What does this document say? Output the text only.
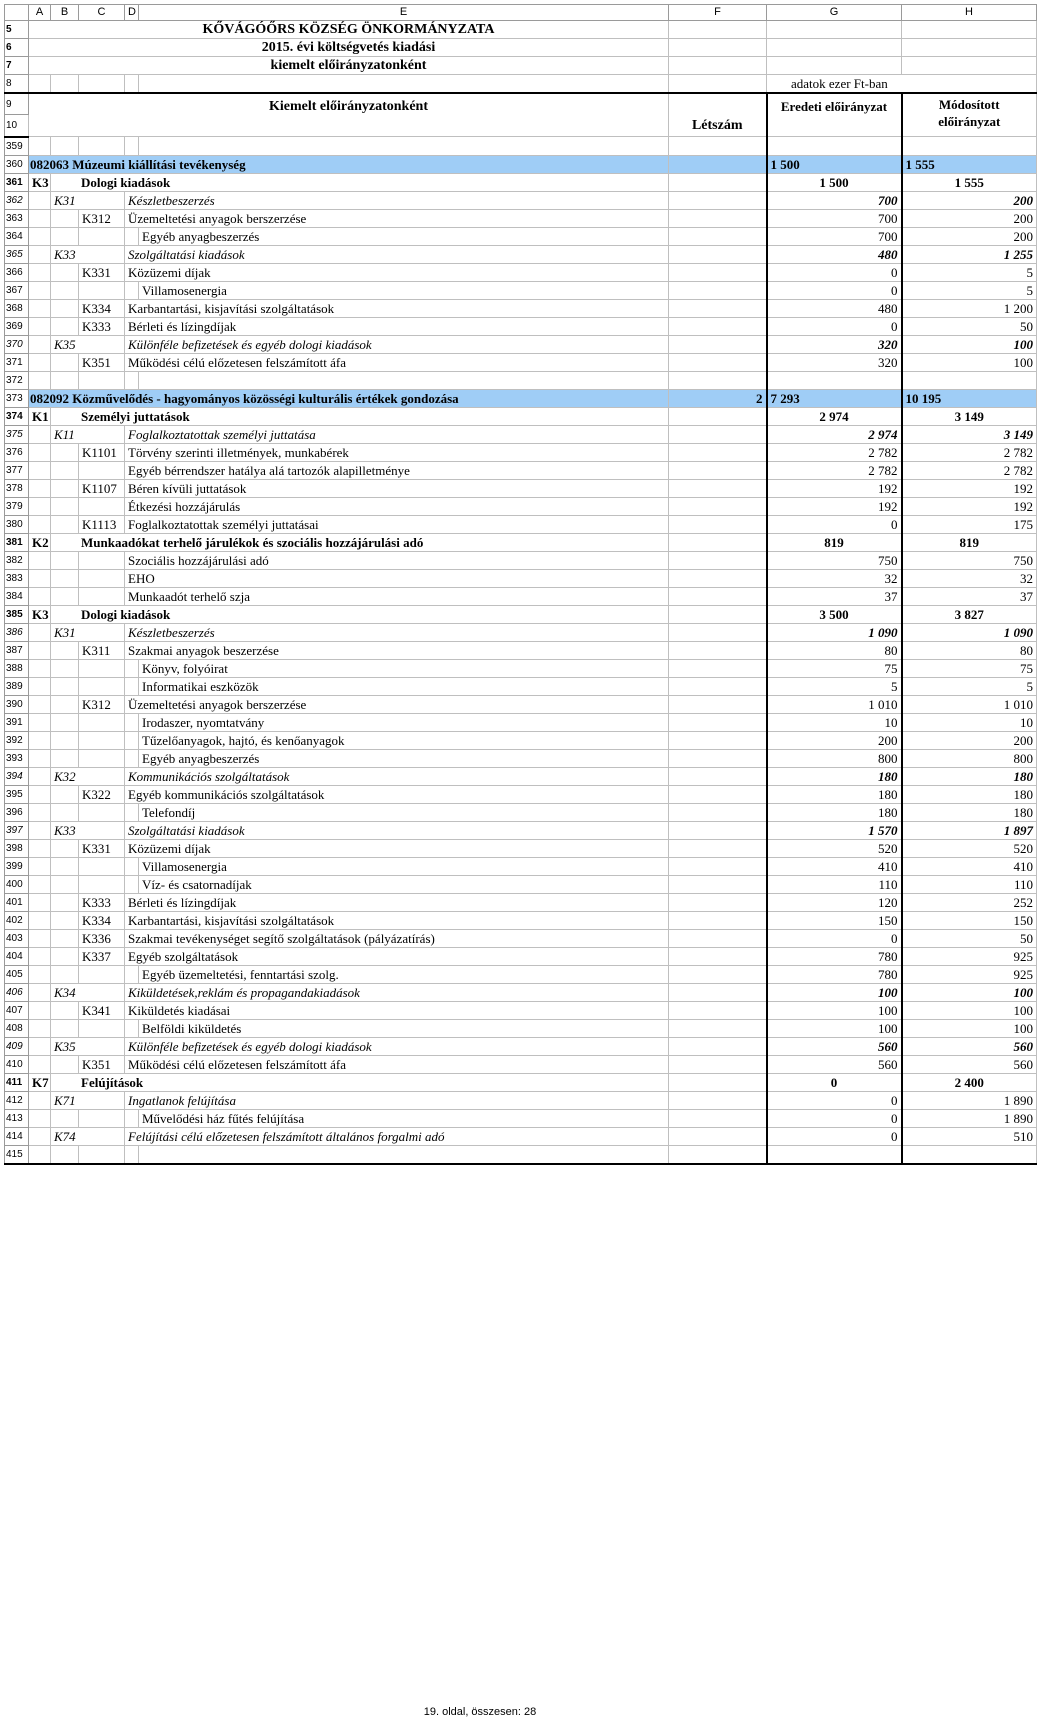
	A	B	C	D	E	F	G	H
5	KŐVÁGÓŐRS KÖZSÉG ÖNKORMÁNYZATA							
6	2015. évi költségvetés kiadási							
7	kiemelt előirányzatonként							
8							adatok ezer Ft-ban	
9	Kiemelt előirányzatonként					Létszám	Eredeti előirányzat	Módosított
előirányzat

10								
359								
360	082063 Múzeumi kiállítási tevékenység						1 500	1 555
361	K3	Dologi kiadások					1 500	1 555
362		K31		Készletbeszerzés			700	200
363			K312	Üzemeltetési anyagok berszerzése			700	200
364					Egyéb anyagbeszerzés		700	200
365		K33		Szolgáltatási kiadások			480	1 255
366			K331	Közüzemi díjak			0	5
367					Villamosenergia		0	5
368			K334	Karbantartási, kisjavítási szolgáltatások			480	1 200
369			K333	Bérleti és lízingdíjak			0	50
370		K35		Különféle befizetések és egyéb dologi kiadások			320	100
371			K351	Működési célú előzetesen felszámított áfa			320	100
372								
373	082092 Közművelődés - hagyományos közösségi kulturális értékek gondozása					2	7 293	10 195
374	K1	Személyi juttatások					2 974	3 149
375		K11		Foglalkoztatottak személyi juttatása			2 974	3 149
376			K1101	Törvény szerinti illetmények, munkabérek			2 782	2 782
377				Egyéb bérrendszer hatálya alá tartozók alapilletménye			2 782	2 782
378			K1107	Béren kívüli juttatások			192	192
379				Étkezési hozzájárulás			192	192
380			K1113	Foglalkoztatottak személyi juttatásai			0	175
381	K2	Munkaadókat terhelő járulékok és szociális hozzájárulási adó					819	819
382				Szociális hozzájárulási adó			750	750
383				EHO			32	32
384				Munkaadót terhelő szja			37	37
385	K3	Dologi kiadások					3 500	3 827
386		K31		Készletbeszerzés			1 090	1 090
387			K311	Szakmai anyagok beszerzése			80	80
388					Könyv, folyóirat		75	75
389					Informatikai eszközök		5	5
390			K312	Üzemeltetési anyagok berszerzése			1 010	1 010
391					Irodaszer, nyomtatvány		10	10
392					Tűzelőanyagok, hajtó, és kenőanyagok		200	200
393					Egyéb anyagbeszerzés		800	800
394		K32		Kommunikációs szolgáltatások			180	180
395			K322	Egyéb kommunikációs szolgáltatások			180	180
396					Telefondíj		180	180
397		K33		Szolgáltatási kiadások			1 570	1 897
398			K331	Közüzemi díjak			520	520
399					Villamosenergia		410	410
400					Víz- és csatornadíjak		110	110
401			K333	Bérleti és lízingdíjak			120	252
402			K334	Karbantartási, kisjavítási szolgáltatások			150	150
403			K336	Szakmai tevékenységet segítő szolgáltatások (pályázatírás)			0	50
404			K337	Egyéb szolgáltatások			780	925
405					Egyéb üzemeltetési, fenntartási szolg.		780	925
406		K34		Kiküldetések,reklám és propagandakiadások			100	100
407			K341	Kiküldetés kiadásai			100	100
408					Belföldi kiküldetés		100	100
409		K35		Különféle befizetések és egyéb dologi kiadások			560	560
410			K351	Működési célú előzetesen felszámított áfa			560	560
411	K7	Felújítások					0	2 400
412		K71		Ingatlanok felújítása			0	1 890
413					Művelődési ház fűtés felújítása		0	1 890
414		K74		Felújítási célú előzetesen felszámított általános forgalmi adó			0	510
415								
19. oldal, összesen: 28
